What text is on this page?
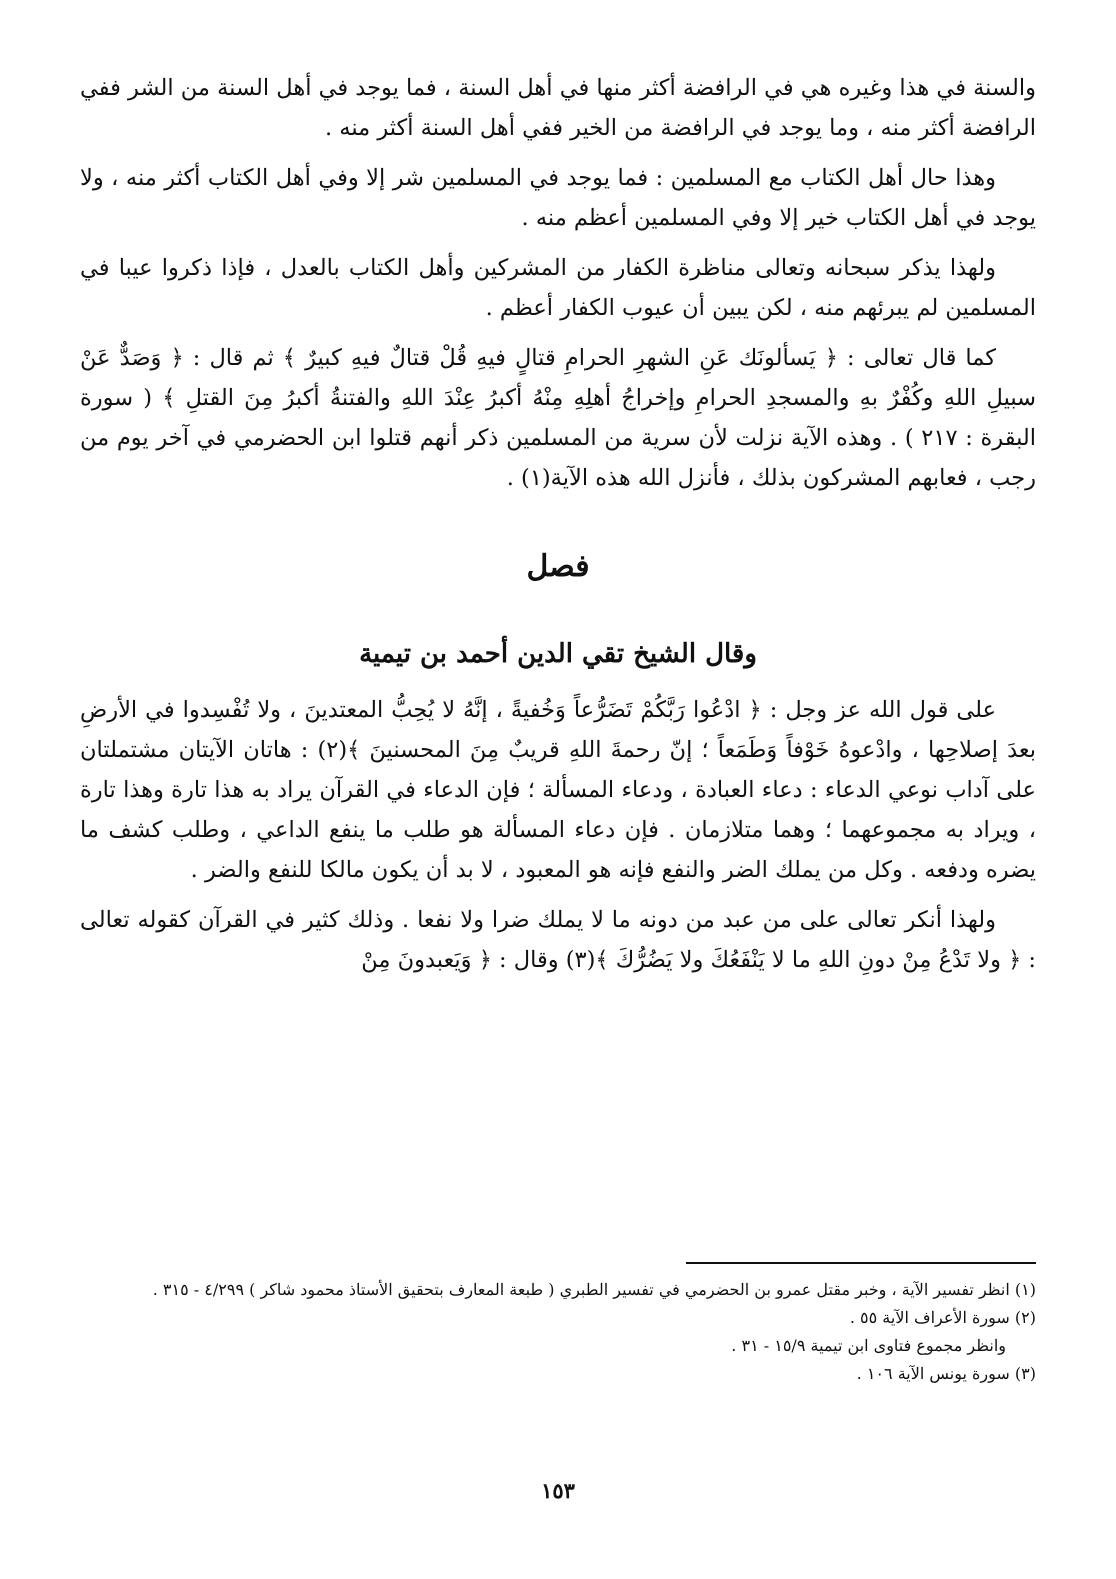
والسنة في هذا وغيره هي في الرافضة أكثر منها في أهل السنة ، فما يوجد في أهل السنة من الشر ففي الرافضة أكثر منه ، وما يوجد في الرافضة من الخير ففي أهل السنة أكثر منه .

وهذا حال أهل الكتاب مع المسلمين : فما يوجد في المسلمين شر إلا وفي أهل الكتاب أكثر منه ، ولا يوجد في أهل الكتاب خير إلا وفي المسلمين أعظم منه .

ولهذا يذكر سبحانه وتعالى مناظرة الكفار من المشركين وأهل الكتاب بالعدل ، فإذا ذكروا عيبا في المسلمين لم يبرئهم منه ، لكن يبين أن عيوب الكفار أعظم .

كما قال تعالى : ﴿ يَسألونَك عَنِ الشهرِ الحرامِ قتالٍ فيهِ قُلْ قتالٌ فيهِ كبيرٌ ﴾ ثم قال : ﴿ وَصَدٌّ عَنْ سبيلِ اللهِ وكُفْرٌ بهِ والمسجدِ الحرامِ وإخراجُ أهلِهِ مِنْهُ أكبرُ عِنْدَ اللهِ والفتنةُ أكبرُ مِنَ القتلِ ﴾ ( سورة البقرة : ٢١٧ ) . وهذه الآية نزلت لأن سرية من المسلمين ذكر أنهم قتلوا ابن الحضرمي في آخر يوم من رجب ، فعابهم المشركون بذلك ، فأنزل الله هذه الآية(١) .

فصل
وقال الشيخ تقي الدين أحمد بن تيمية

على قول الله عز وجل : ﴿ ادْعُوا رَبَّكُمْ تَضَرُّعاً وَخُفيةً ، إنَّهُ لا يُحِبُّ المعتدينَ ، ولا تُفْسِدوا في الأرضِ بعدَ إصلاحِها ، وادْعوهُ خَوْفاً وَطَمَعاً ؛ إنّ رحمةَ اللهِ قريبٌ مِنَ المحسنينَ ﴾(٢) : هاتان الآيتان مشتملتان على آداب نوعي الدعاء : دعاء العبادة ، ودعاء المسألة ؛ فإن الدعاء في القرآن يراد به هذا تارة وهذا تارة ، ويراد به مجموعهما ؛ وهما متلازمان . فإن دعاء المسألة هو طلب ما ينفع الداعي ، وطلب كشف ما يضره ودفعه . وكل من يملك الضر والنفع فإنه هو المعبود ، لا بد أن يكون مالكا للنفع والضر .

ولهذا أنكر تعالى على من عبد من دونه ما لا يملك ضرا ولا نفعا . وذلك كثير في القرآن كقوله تعالى : ﴿ ولا تَدْعُ مِنْ دونِ اللهِ ما لا يَنْفَعُكَ ولا يَضُرُّكَ ﴾(٣) وقال : ﴿ وَيَعبدونَ مِنْ

(١) انظر تفسير الآية ، وخبر مقتل عمرو بن الحضرمي في تفسير الطبري ( طبعة المعارف بتحقيق الأستاذ محمود شاكر ) ٤/٢٩٩ - ٣١٥ .

(٢) سورة الأعراف الآية ٥٥ .

وانظر مجموع فتاوى ابن تيمية ١٥/٩ - ٣١ .

(٣) سورة يونس الآية ١٠٦ .

١٥٣
